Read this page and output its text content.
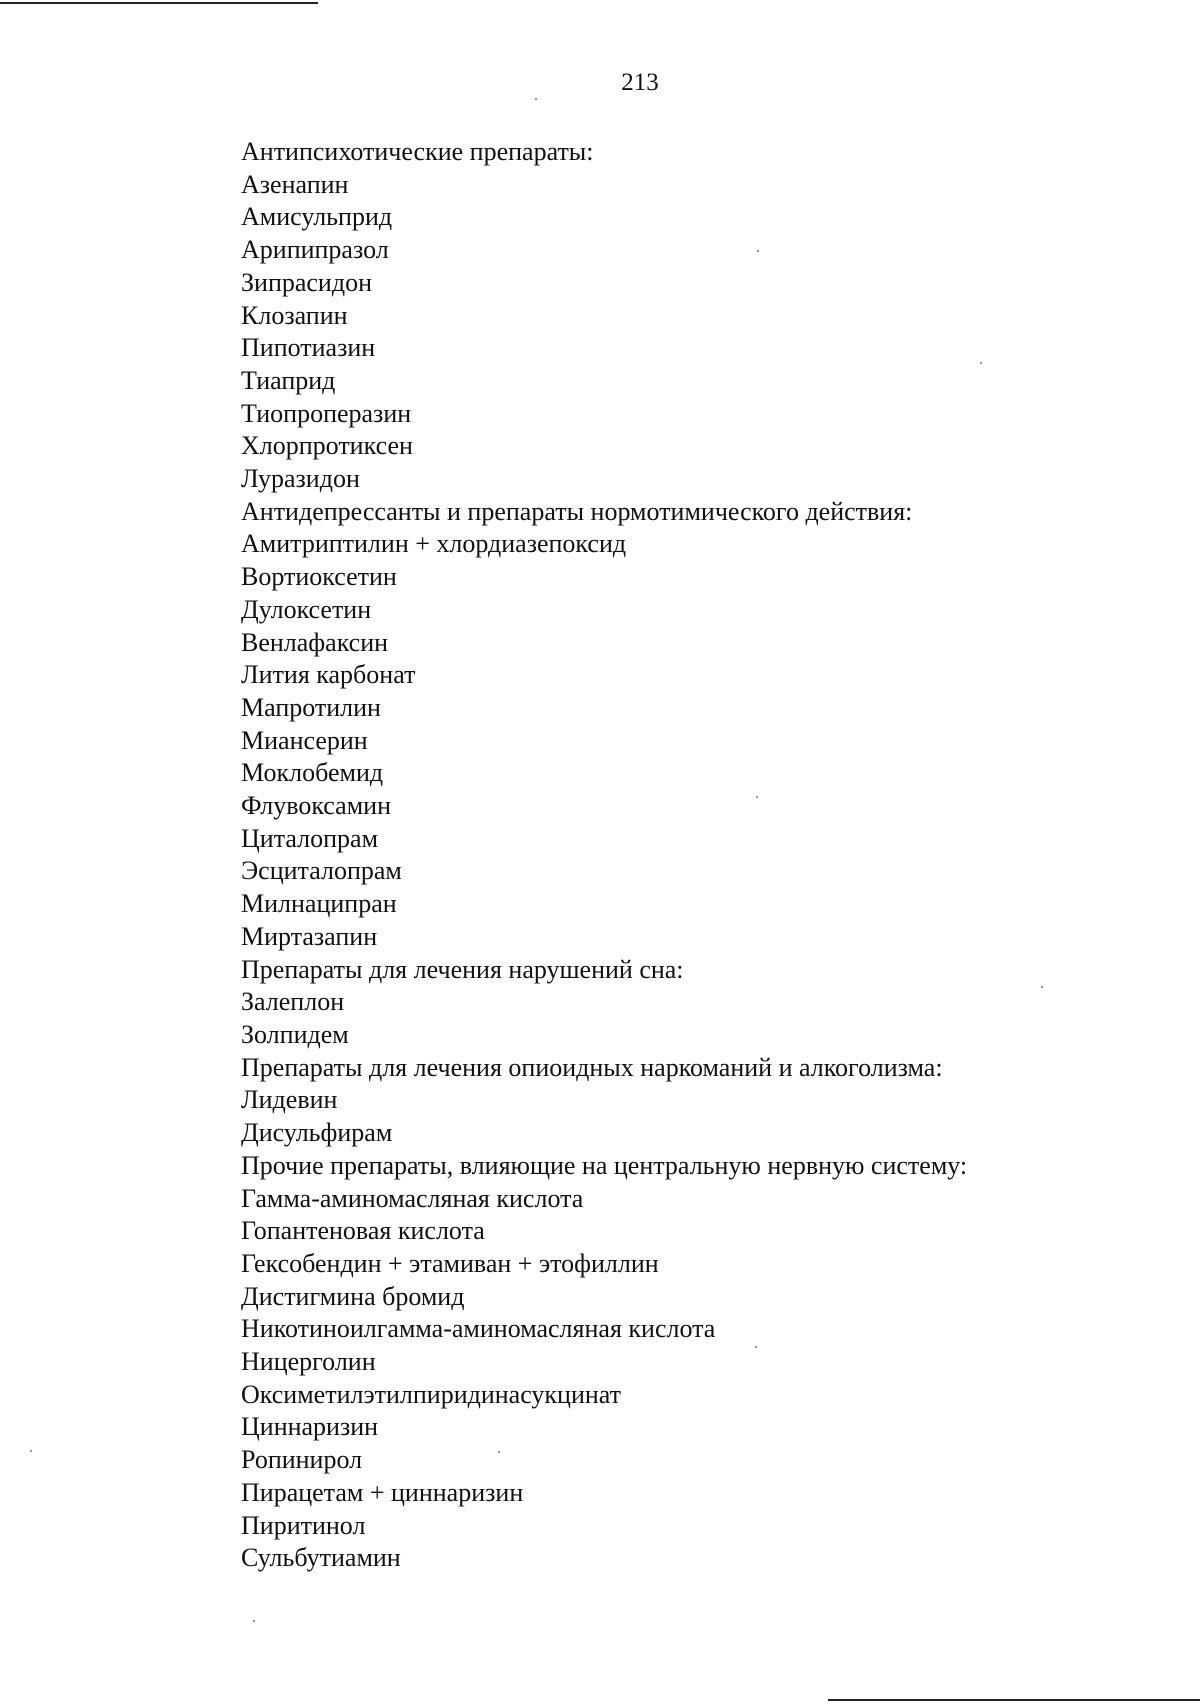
213
Антипсихотические препараты:
Азенапин
Амисульприд
Арипипразол
Зипрасидон
Клозапин
Пипотиазин
Тиаприд
Тиопроперазин
Хлорпротиксен
Луразидон
Антидепрессанты и препараты нормотимического действия:
Амитриптилин + хлордиазепоксид
Вортиоксетин
Дулоксетин
Венлафаксин
Лития карбонат
Мапротилин
Миансерин
Моклобемид
Флувоксамин
Циталопрам
Эсциталопрам
Милнаципран
Миртазапин
Препараты для лечения нарушений сна:
Залеплон
Золпидем
Препараты для лечения опиоидных наркоманий и алкоголизма:
Лидевин
Дисульфирам
Прочие препараты, влияющие на центральную нервную систему:
Гамма-аминомасляная кислота
Гопантеновая кислота
Гексобендин + этамиван + этофиллин
Дистигмина бромид
Никотиноилгамма-аминомасляная кислота
Ницерголин
Оксиметилэтилпиридинасукцинат
Циннаризин
Ропинирол
Пирацетам + циннаризин
Пиритинол
Сульбутиамин
